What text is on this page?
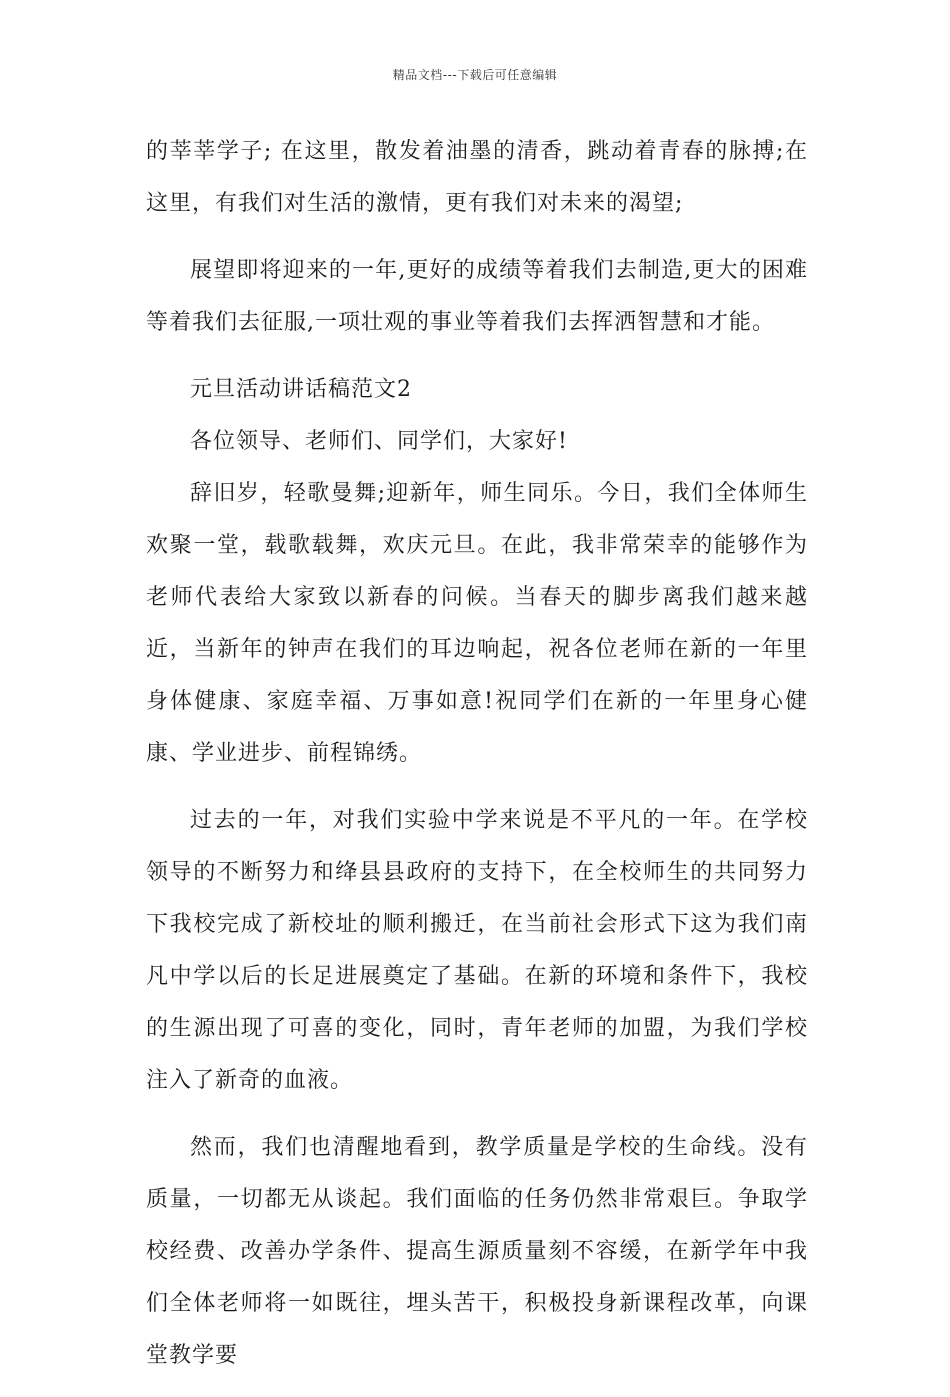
精品文档---下载后可任意编辑

的莘莘学子; 在这里，散发着油墨的清香，跳动着青春的脉搏;在这里，有我们对生活的激情，更有我们对未来的渴望;

展望即将迎来的一年,更好的成绩等着我们去制造,更大的困难等着我们去征服,一项壮观的事业等着我们去挥洒智慧和才能。

元旦活动讲话稿范文2

各位领导、老师们、同学们，大家好!

辞旧岁，轻歌曼舞;迎新年，师生同乐。今日，我们全体师生欢聚一堂，载歌载舞，欢庆元旦。在此，我非常荣幸的能够作为老师代表给大家致以新春的问候。当春天的脚步离我们越来越近，当新年的钟声在我们的耳边响起，祝各位老师在新的一年里身体健康、家庭幸福、万事如意!祝同学们在新的一年里身心健康、学业进步、前程锦绣。

过去的一年，对我们实验中学来说是不平凡的一年。在学校领导的不断努力和绛县县政府的支持下，在全校师生的共同努力下我校完成了新校址的顺利搬迁，在当前社会形式下这为我们南凡中学以后的长足进展奠定了基础。在新的环境和条件下，我校的生源出现了可喜的变化，同时，青年老师的加盟，为我们学校注入了新奇的血液。

然而，我们也清醒地看到，教学质量是学校的生命线。没有质量，一切都无从谈起。我们面临的任务仍然非常艰巨。争取学校经费、改善办学条件、提高生源质量刻不容缓，在新学年中我们全体老师将一如既往，埋头苦干，积极投身新课程改革，向课堂教学要
